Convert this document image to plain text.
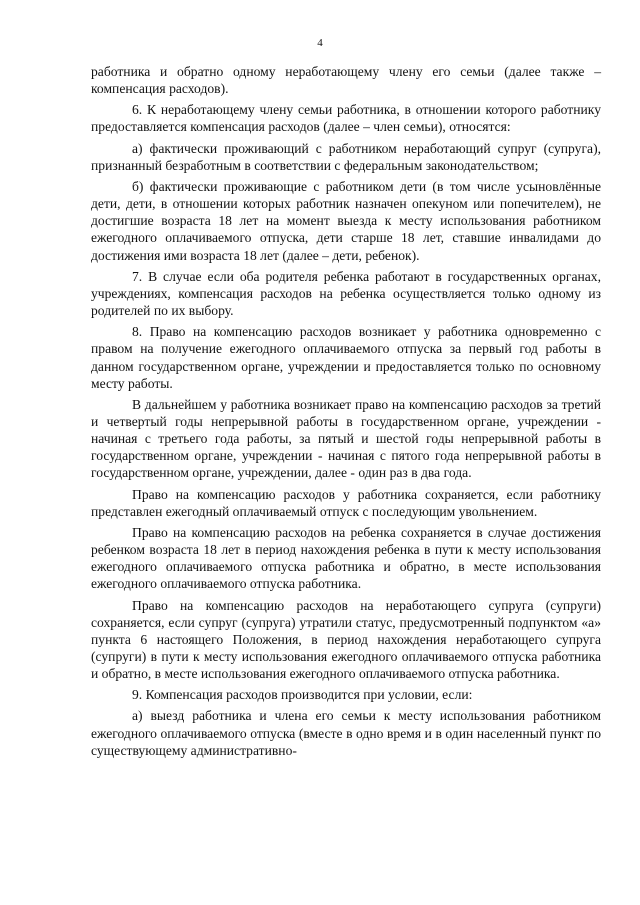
4

работника и обратно одному неработающему члену его семьи (далее также – компенсация расходов).

6. К неработающему члену семьи работника, в отношении которого работнику предоставляется компенсация расходов (далее – член семьи), относятся:

а) фактически проживающий с работником неработающий супруг (супруга), признанный безработным в соответствии с федеральным законодательством;

б) фактически проживающие с работником дети (в том числе усыновлённые дети, дети, в отношении которых работник назначен опекуном или попечителем), не достигшие возраста 18 лет на момент выезда к месту использования работником ежегодного оплачиваемого отпуска, дети старше 18 лет, ставшие инвалидами до достижения ими возраста 18 лет (далее – дети, ребенок).

7. В случае если оба родителя ребенка работают в государственных органах, учреждениях, компенсация расходов на ребенка осуществляется только одному из родителей по их выбору.

8. Право на компенсацию расходов возникает у работника одновременно с правом на получение ежегодного оплачиваемого отпуска за первый год работы в данном государственном органе, учреждении и предоставляется только по основному месту работы.

В дальнейшем у работника возникает право на компенсацию расходов за третий и четвертый годы непрерывной работы в государственном органе, учреждении - начиная с третьего года работы, за пятый и шестой годы непрерывной работы в государственном органе, учреждении - начиная с пятого года непрерывной работы в государственном органе, учреждении, далее - один раз в два года.

Право на компенсацию расходов у работника сохраняется, если работнику представлен ежегодный оплачиваемый отпуск с последующим увольнением.

Право на компенсацию расходов на ребенка сохраняется в случае достижения ребенком возраста 18 лет в период нахождения ребенка в пути к месту использования ежегодного оплачиваемого отпуска работника и обратно, в месте использования ежегодного оплачиваемого отпуска работника.

Право на компенсацию расходов на неработающего супруга (супруги) сохраняется, если супруг (супруга) утратили статус, предусмотренный подпунктом «а» пункта 6 настоящего Положения, в период нахождения неработающего супруга (супруги) в пути к месту использования ежегодного оплачиваемого отпуска работника и обратно, в месте использования ежегодного оплачиваемого отпуска работника.

9. Компенсация расходов производится при условии, если:

а) выезд работника и члена его семьи к месту использования работником ежегодного оплачиваемого отпуска (вместе в одно время и в один населенный пункт по существующему административно-
